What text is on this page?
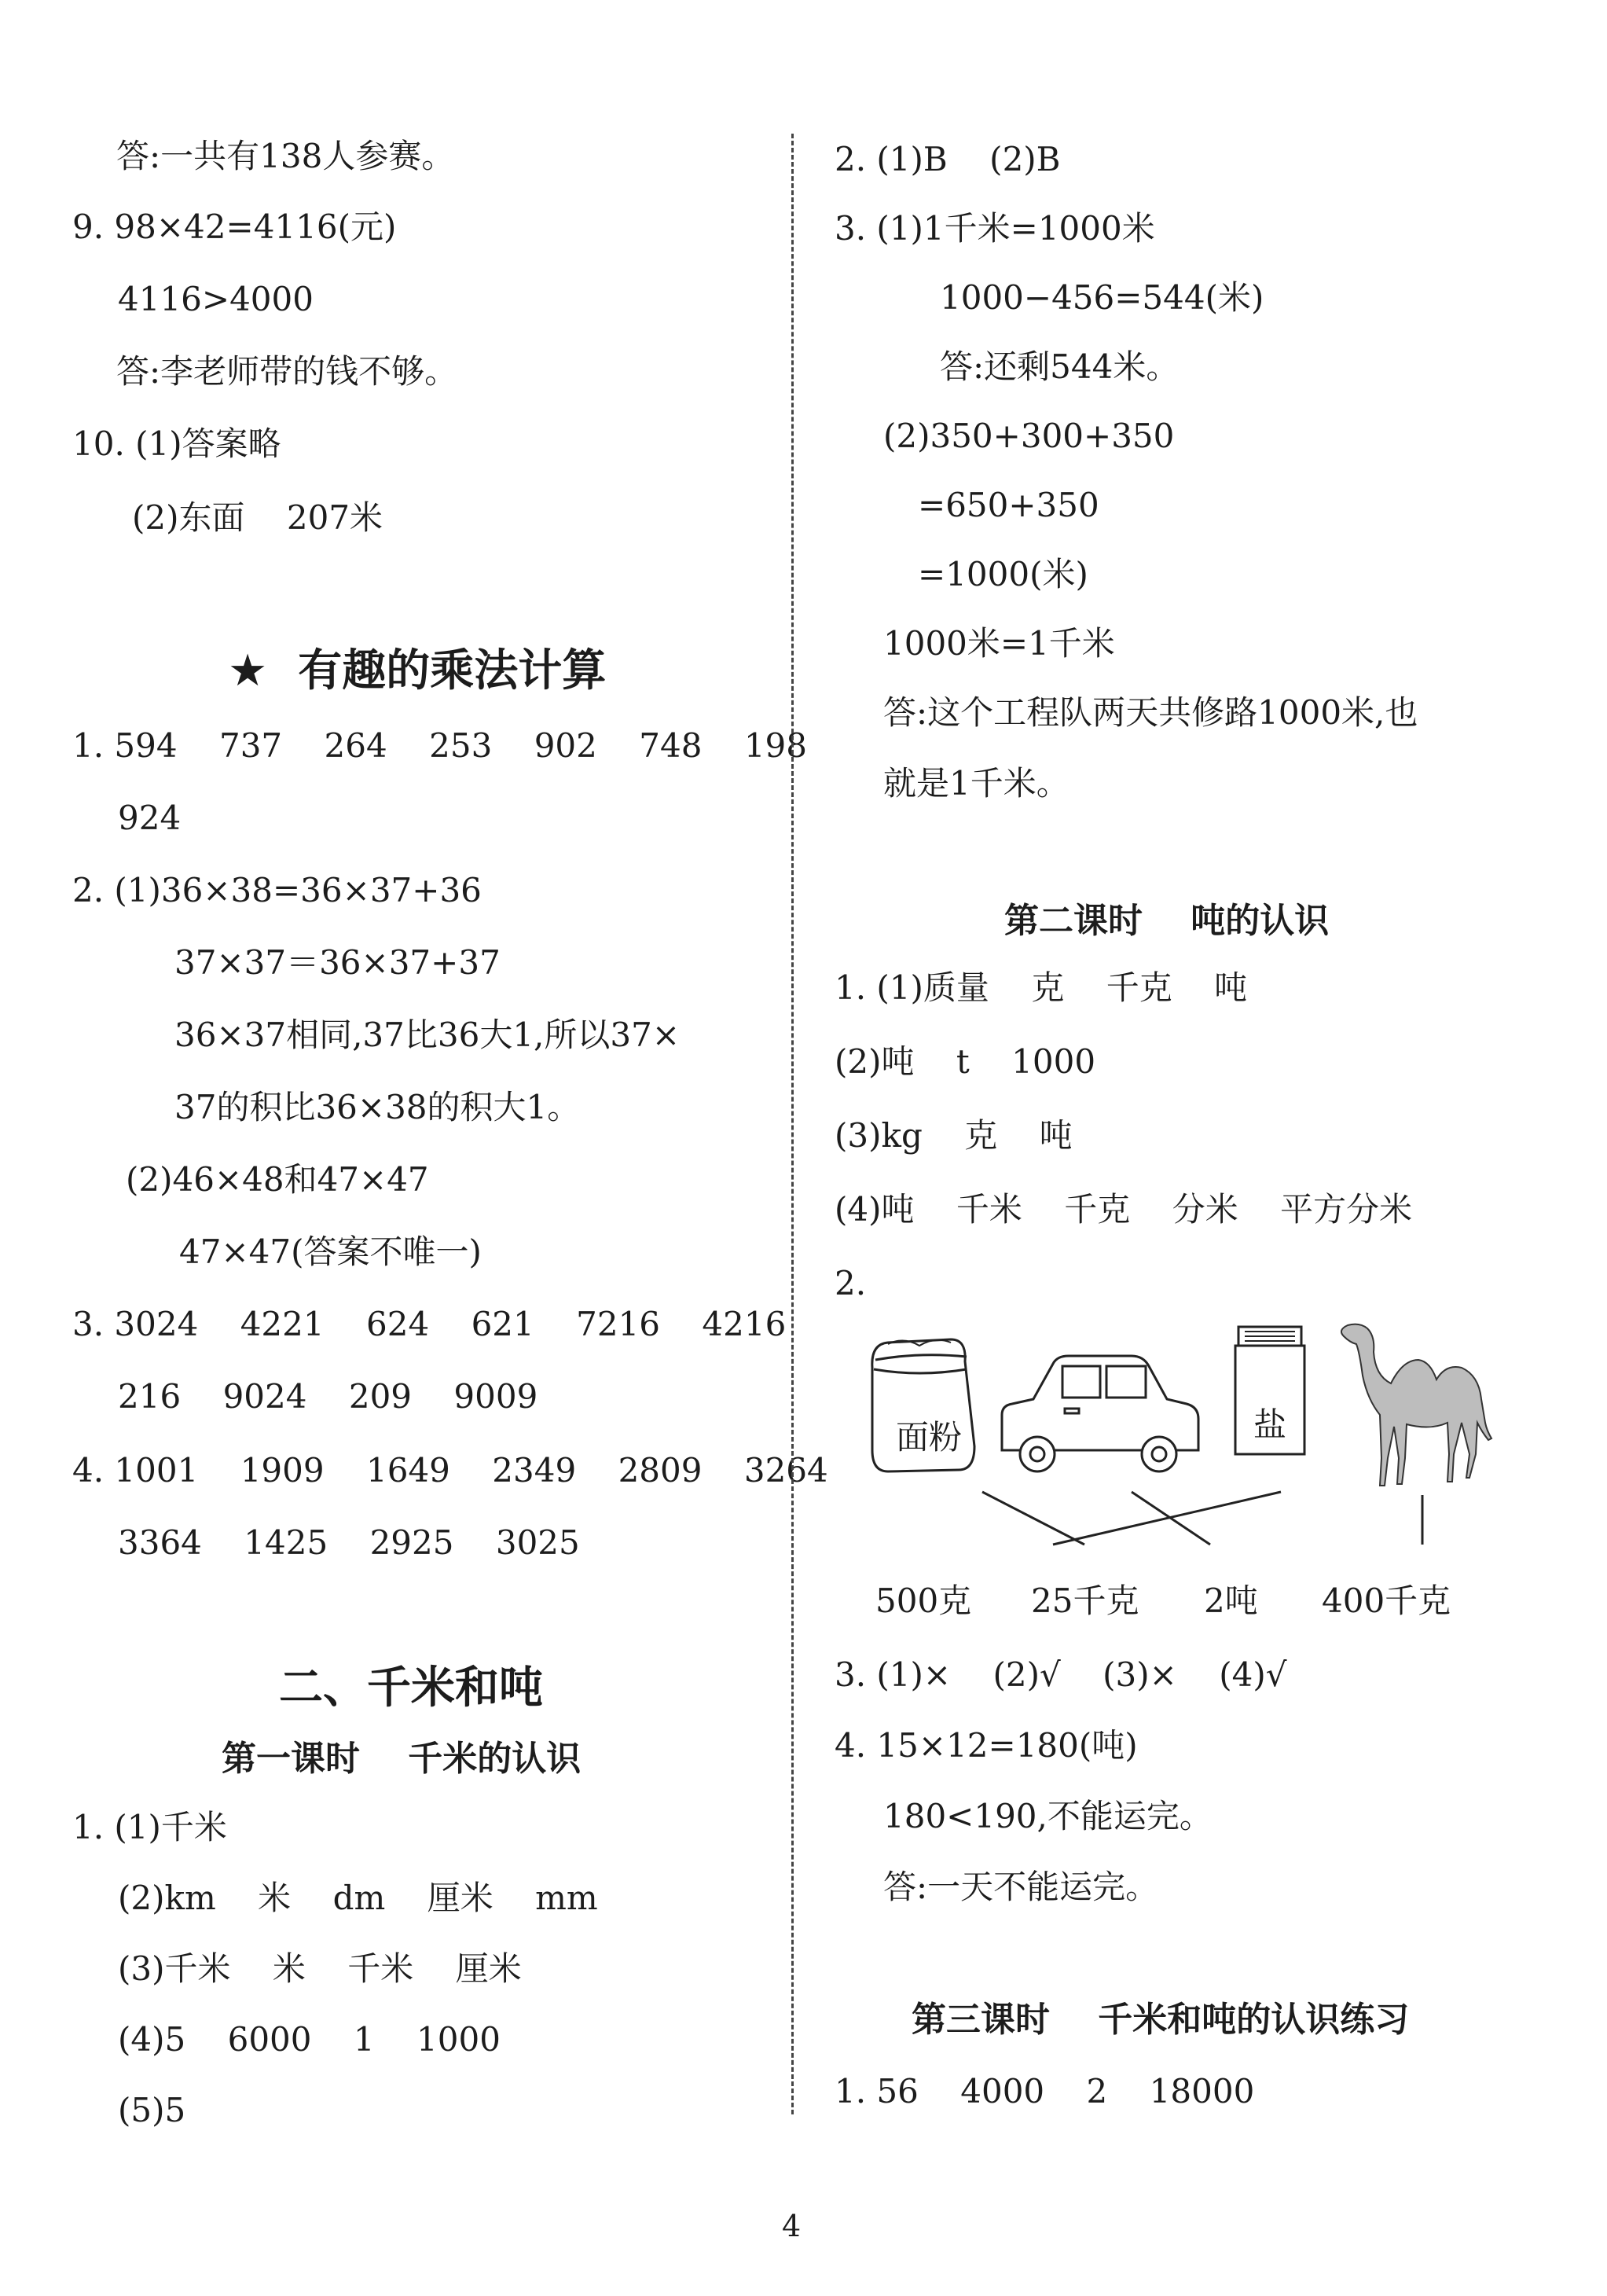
答:一共有138人参赛。
9. 98×42=4116(元)
4116>4000
答:李老师带的钱不够。
10. (1)答案略
(2)东面    207米
★  有趣的乘法计算
1. 594    737    264    253    902    748    198
924
2. (1)36×38=36×37+36
37×37＝36×37+37
36×37相同,37比36大1,所以37×
37的积比36×38的积大1。
(2)46×48和47×47
47×47(答案不唯一)
3. 3024    4221    624    621    7216    4216
216    9024    209    9009
4. 1001    1909    1649    2349    2809    3264
3364    1425    2925    3025
二、千米和吨
第一课时    千米的认识
1. (1)千米
(2)km    米    dm    厘米    mm
(3)千米    米    千米    厘米
(4)5    6000    1    1000
(5)5
2. (1)B    (2)B
3. (1)1千米=1000米
1000−456=544(米)
答:还剩544米。
(2)350+300+350
=650+350
=1000(米)
1000米=1千米
答:这个工程队两天共修路1000米,也
就是1千米。
第二课时    吨的认识
1. (1)质量    克    千克    吨
(2)吨    t    1000
(3)kg    克    吨
(4)吨    千米    千克    分米    平方分米
2.
面粉	盐
500克 25千克 2吨 400千克
3. (1)×    (2)√    (3)×    (4)√
4. 15×12=180(吨)
180<190,不能运完。
答:一天不能运完。
第三课时    千米和吨的认识练习
1. 56    4000    2    18000
4
